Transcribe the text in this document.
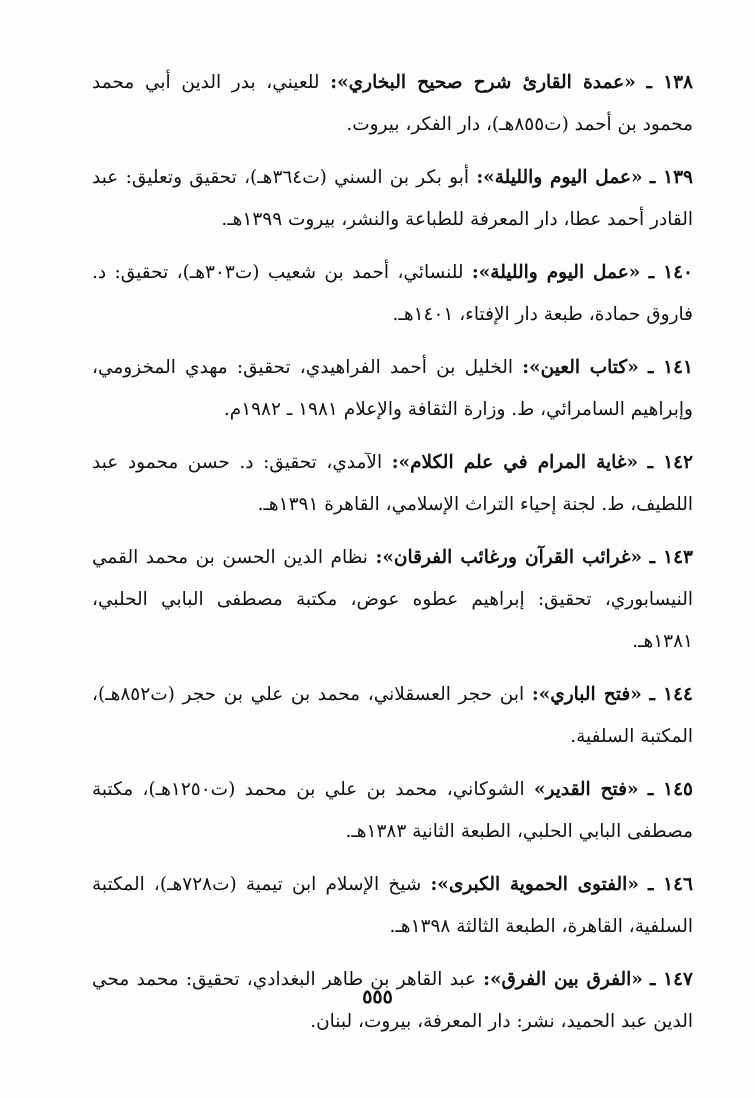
١٣٨ ـ «عمدة القارئ شرح صحيح البخاري»: للعيني، بدر الدين أبي محمد محمود بن أحمد (ت٨٥٥هـ)، دار الفكر، بيروت.

١٣٩ ـ «عمل اليوم والليلة»: أبو بكر بن السني (ت٣٦٤هـ)، تحقيق وتعليق: عبد القادر أحمد عطا، دار المعرفة للطباعة والنشر، بيروت ١٣٩٩هـ.

١٤٠ ـ «عمل اليوم والليلة»: للنسائي، أحمد بن شعيب (ت٣٠٣هـ)، تحقيق: د. فاروق حمادة، طبعة دار الإفتاء، ١٤٠١هـ.

١٤١ ـ «كتاب العين»: الخليل بن أحمد الفراهيدي، تحقيق: مهدي المخزومي، وإبراهيم السامرائي، ط. وزارة الثقافة والإعلام ١٩٨١ ـ ١٩٨٢م.

١٤٢ ـ «غاية المرام في علم الكلام»: الآمدي، تحقيق: د. حسن محمود عبد اللطيف، ط. لجنة إحياء التراث الإسلامي، القاهرة ١٣٩١هـ.

١٤٣ ـ «غرائب القرآن ورغائب الفرقان»: نظام الدين الحسن بن محمد القمي النيسابوري، تحقيق: إبراهيم عطوه عوض، مكتبة مصطفى البابي الحلبي، ١٣٨١هـ.

١٤٤ ـ «فتح الباري»: ابن حجر العسقلاني، محمد بن علي بن حجر (ت٨٥٢هـ)، المكتبة السلفية.

١٤٥ ـ «فتح القدير» الشوكاني، محمد بن علي بن محمد (ت١٢٥٠هـ)، مكتبة مصطفى البابي الحلبي، الطبعة الثانية ١٣٨٣هـ.

١٤٦ ـ «الفتوى الحموية الكبرى»: شيخ الإسلام ابن تيمية (ت٧٢٨هـ)، المكتبة السلفية، القاهرة، الطبعة الثالثة ١٣٩٨هـ.

١٤٧ ـ «الفرق بين الفرق»: عبد القاهر بن طاهر البغدادي، تحقيق: محمد محي الدين عبد الحميد، نشر: دار المعرفة، بيروت، لبنان.

٥٥٥
